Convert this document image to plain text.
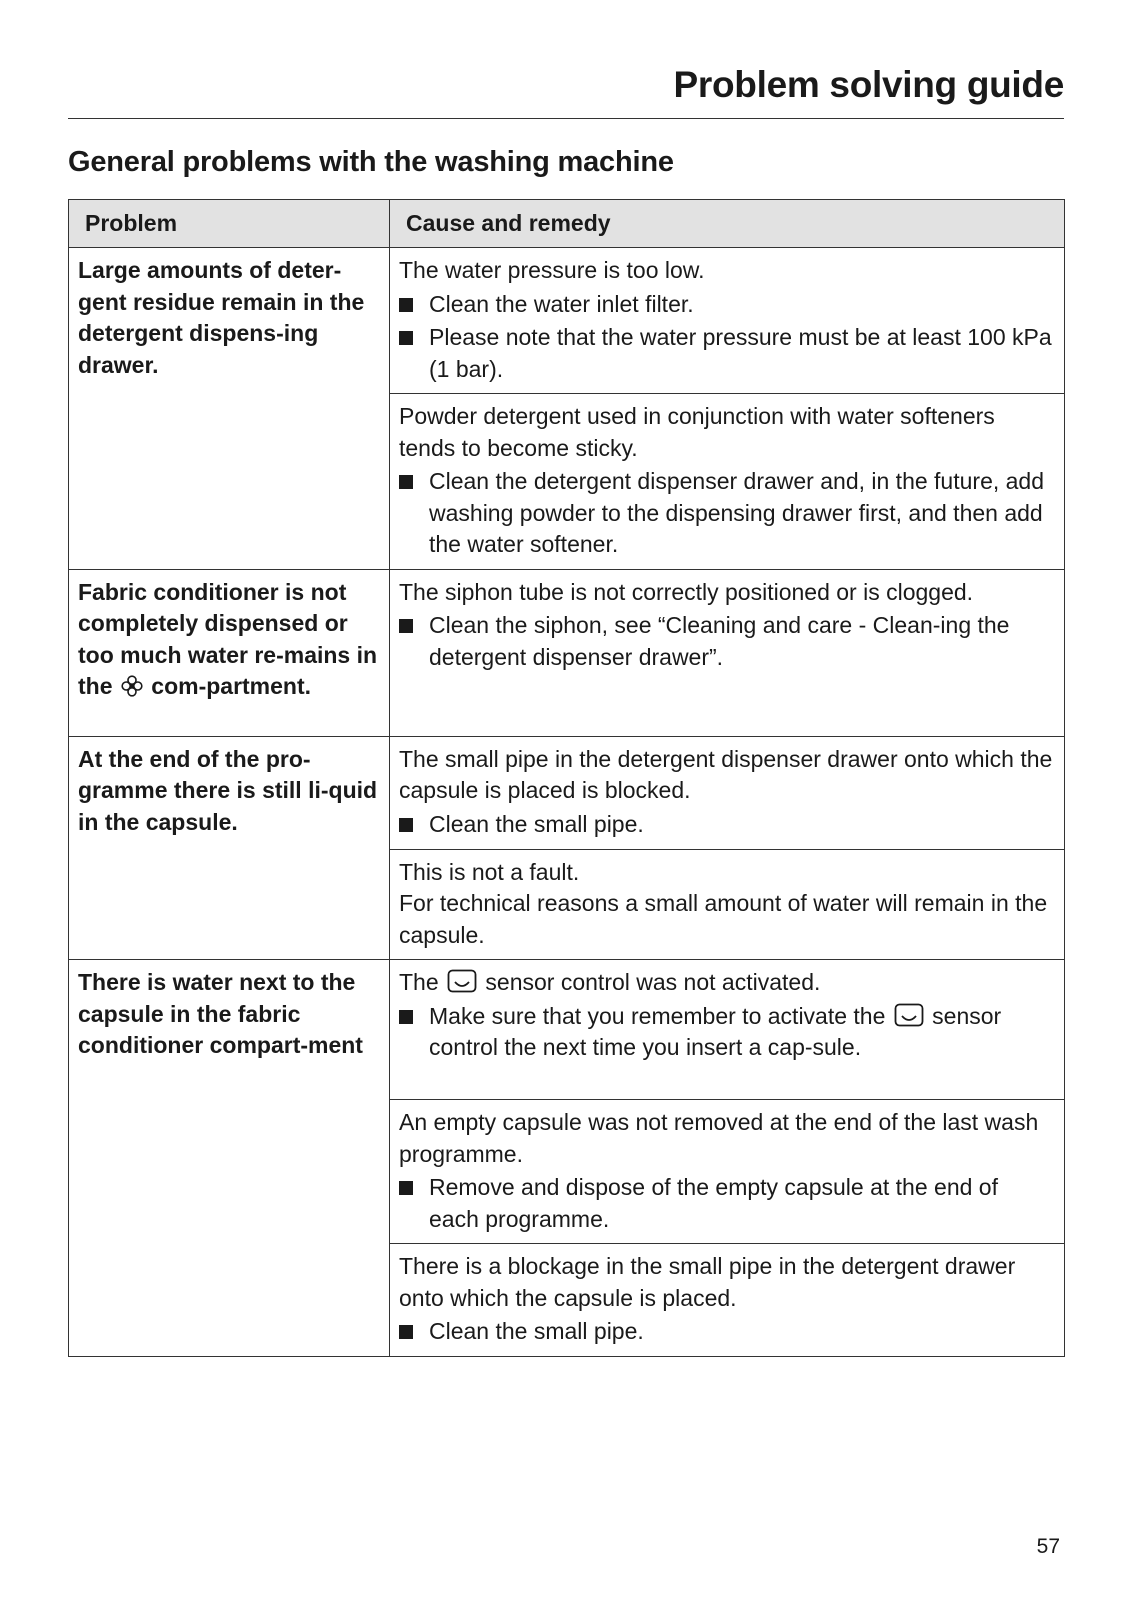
Problem solving guide
General problems with the washing machine
Problem	Cause and remedy
Large amounts of deter-gent residue remain in the detergent dispens-ing drawer.	The water pressure is too low.
Clean the water inlet filter.
Please note that the water pressure must be at least 100 kPa (1 bar).

	Powder detergent used in conjunction with water softeners tends to become sticky.
Clean the detergent dispenser drawer and, in the future, add washing powder to the dispensing drawer first, and then add the water softener.

Fabric conditioner is not completely dispensed or too much water re-mains in the com-partment.	The siphon tube is not correctly positioned or is clogged.
Clean the siphon, see “Cleaning and care - Clean-ing the detergent dispenser drawer”.

At the end of the pro-gramme there is still li-quid in the capsule.	The small pipe in the detergent dispenser drawer onto which the capsule is placed is blocked.
Clean the small pipe.

	This is not a fault.
For technical reasons a small amount of water will remain in the capsule.

There is water next to the capsule in the fabric conditioner compart-ment	The sensor control was not activated.
Make sure that you remember to activate the sensor control the next time you insert a cap-sule.

	An empty capsule was not removed at the end of the last wash programme.
Remove and dispose of the empty capsule at the end of each programme.

	There is a blockage in the small pipe in the detergent drawer onto which the capsule is placed.
Clean the small pipe.
57
